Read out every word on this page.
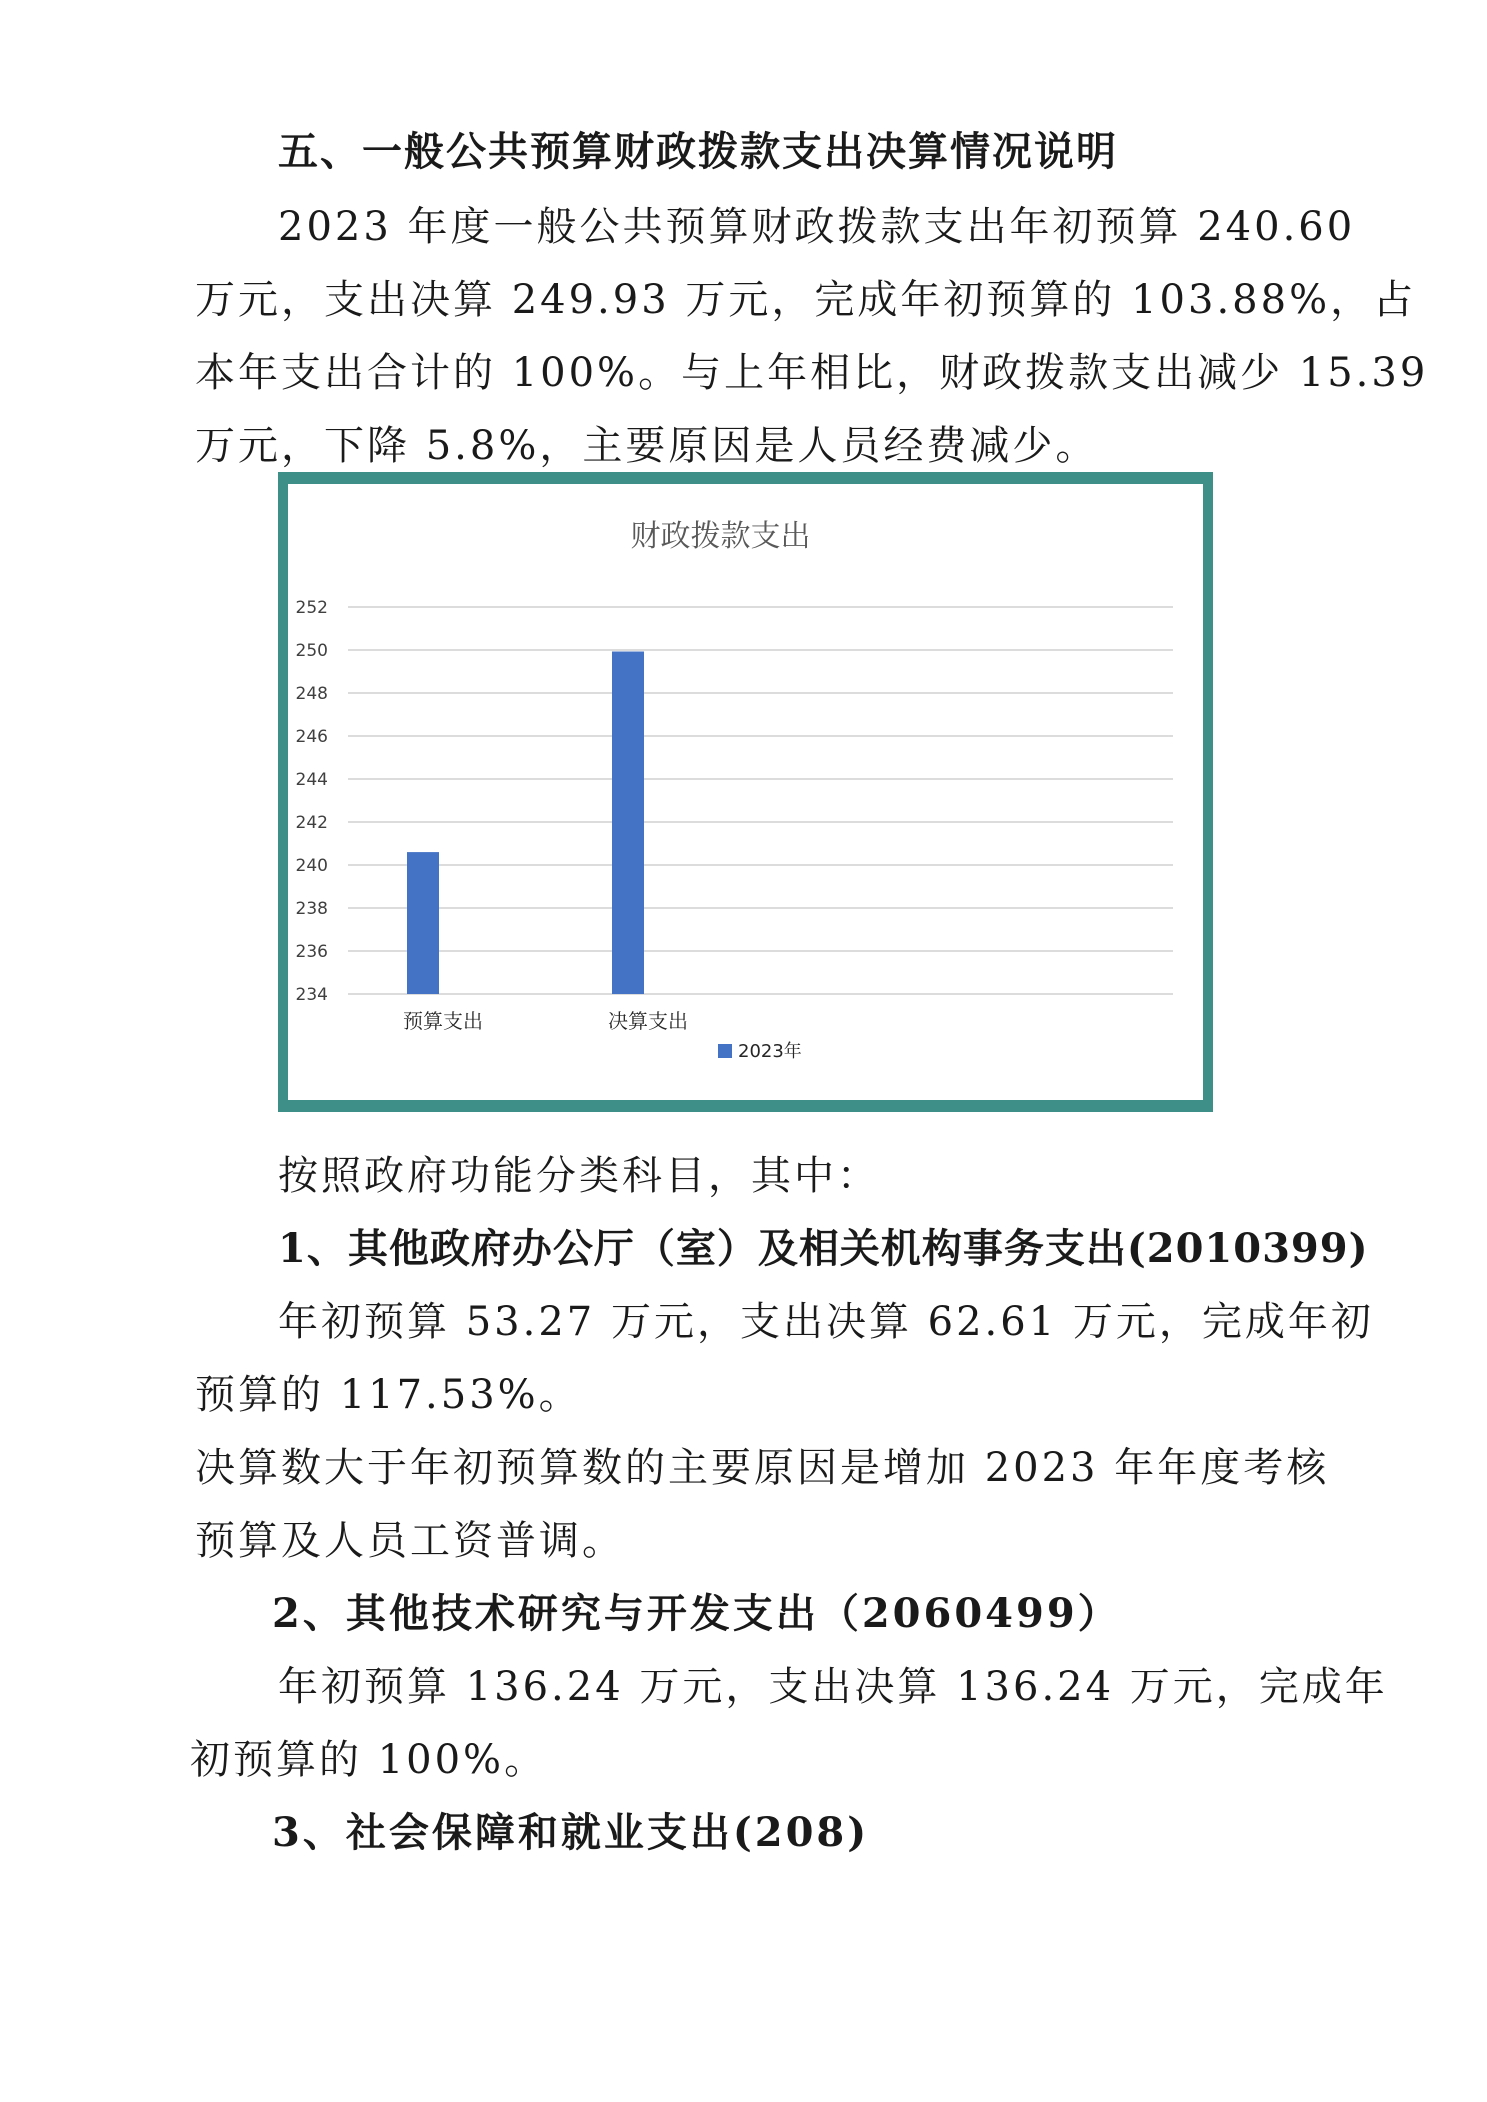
五、一般公共预算财政拨款支出决算情况说明
2023 年度一般公共预算财政拨款支出年初预算 240.60
万元，支出决算 249.93 万元，完成年初预算的 103.88%，占
本年支出合计的 100%。与上年相比，财政拨款支出减少 15.39
万元，下降 5.8%，主要原因是人员经费减少。
财政拨款支出
234
236
238
240
242
244
246
248
250
252
预算支出	决算支出
2023年
按照政府功能分类科目，其中：
1、其他政府办公厅（室）及相关机构事务支出(2010399)
年初预算 53.27 万元，支出决算 62.61 万元，完成年初
预算的 117.53%。
决算数大于年初预算数的主要原因是增加 2023 年年度考核
预算及人员工资普调。
2、其他技术研究与开发支出（2060499）
年初预算 136.24 万元，支出决算 136.24 万元，完成年
初预算的 100%。
3、社会保障和就业支出(208)
